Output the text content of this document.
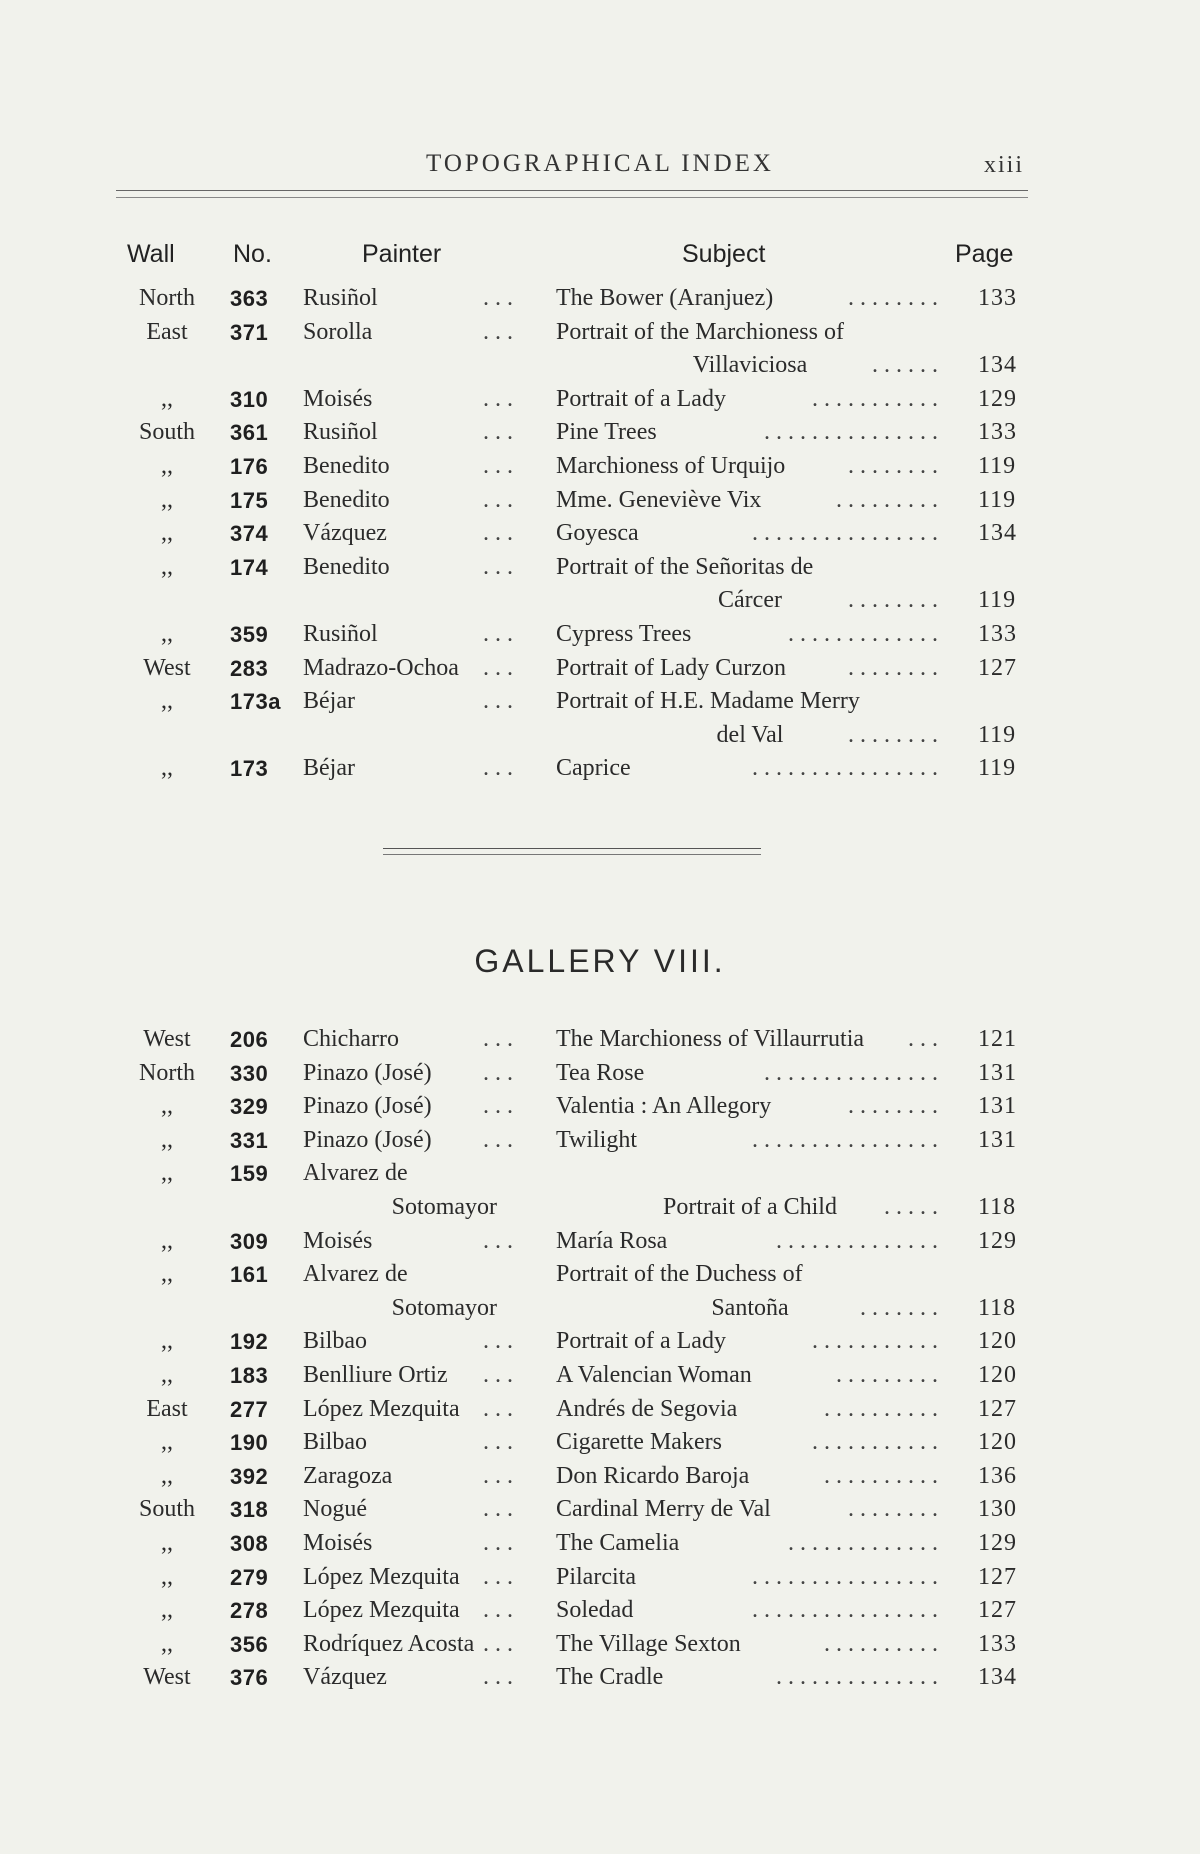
TOPOGRAPHICAL INDEX	xiii
Wall No.	Painter	Subject	Page
North	363 Rusiñol	... The Bower (Aranjuez)	........ 133
East	371 Sorolla	... Portrait of the Marchioness of
Villaviciosa	...... 134
,,	310 Moisés	... Portrait of a Lady	........... 129
South	361 Rusiñol	... Pine Trees	............... 133
,,	176 Benedito	... Marchioness of Urquijo	........ 119
,,	175 Benedito	... Mme. Geneviève Vix	......... 119
,,	374 Vázquez	... Goyesca	................ 134
,,	174 Benedito	... Portrait of the Señoritas de
Cárcer	........ 119
,,	359 Rusiñol	... Cypress Trees	............. 133
West	283 Madrazo-Ochoa ... Portrait of Lady Curzon	........ 127
,,	173a Béjar	... Portrait of H.E. Madame Merry
del Val	........ 119
,,	173 Béjar	... Caprice	................ 119
GALLERY VIII.
West	206 Chicharro	... The Marchioness of Villaurrutia ... 121
North	330 Pinazo (José) ... Tea Rose	............... 131
,,	329 Pinazo (José) ... Valentia : An Allegory	........ 131
,,	331 Pinazo (José) ... Twilight	................ 131
,,	159 Alvarez de
Sotomayor	Portrait of a Child	..... 118
,,	309 Moisés	... María Rosa	.............. 129
,,	161 Alvarez de
Sotomayor
Portrait of the Duchess of
Santoña	....... 118
,,	192 Bilbao	... Portrait of a Lady	........... 120
,,	183 Benlliure Ortiz ... A Valencian Woman	......... 120
East	277 López Mezquita ... Andrés de Segovia	.......... 127
,,	190 Bilbao	... Cigarette Makers	........... 120
,,	392 Zaragoza	... Don Ricardo Baroja	.......... 136
South	318 Nogué	... Cardinal Merry de Val	........ 130
,,	308 Moisés	... The Camelia	............. 129
,,	279 López Mezquita ... Pilarcita	................ 127
,,	278 López Mezquita ... Soledad	................ 127
,,	356 Rodríquez Acosta ... The Village Sexton	.......... 133
West	376 Vázquez	... The Cradle	.............. 134
